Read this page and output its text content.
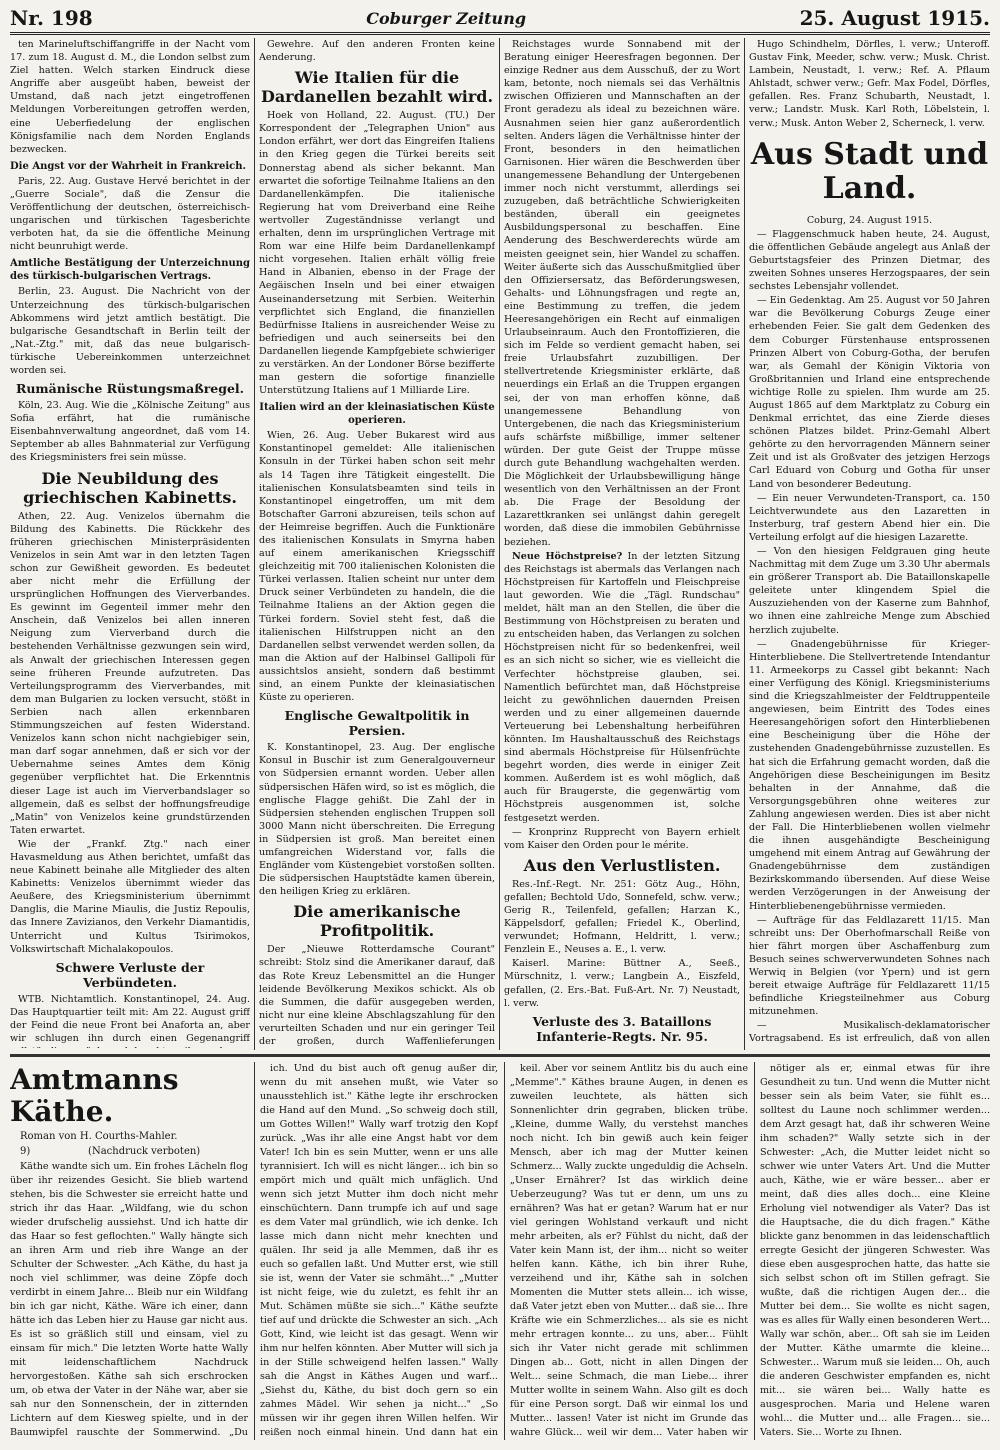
Nr. 198	Coburger Zeitung	25. August 1915.

ten Marineluftschiffangriffe in der Nacht vom 17. zum 18. August d. M., die London selbst zum Ziel hatten. Welch starken Eindruck diese Angriffe aber ausgeübt haben, beweist der Umstand, daß nach jetzt eingetroffenen Meldungen Vorbereitungen getroffen werden, eine Ueberfiedelung der englischen Königsfamilie nach dem Norden Englands bezwecken.

Die Angst vor der Wahrheit in Frankreich.

Paris, 22. Aug. Gustave Hervé berichtet in der „Guerre Sociale", daß die Zensur die Veröffentlichung der deutschen, österreichisch-ungarischen und türkischen Tagesberichte verboten hat, da sie die öffentliche Meinung nicht beunruhigt werde.

Amtliche Bestätigung der Unterzeichnung des türkisch-bulgarischen Vertrags.

Berlin, 23. August. Die Nachricht von der Unterzeichnung des türkisch-bulgarischen Abkommens wird jetzt amtlich bestätigt. Die bulgarische Gesandtschaft in Berlin teilt der „Nat.-Ztg." mit, daß das neue bulgarisch-türkische Uebereinkommen unterzeichnet worden sei.

Rumänische Rüstungsmaßregel.

Köln, 23. Aug. Wie die „Kölnische Zeitung" aus Sofia erfährt, hat die rumänische Eisenbahnverwaltung angeordnet, daß vom 14. September ab alles Bahnmaterial zur Verfügung des Kriegsministers frei sein müsse.

Die Neubildung des griechischen Kabinetts.

Athen, 22. Aug. Venizelos übernahm die Bildung des Kabinetts. Die Rückkehr des früheren griechischen Ministerpräsidenten Venizelos in sein Amt war in den letzten Tagen schon zur Gewißheit geworden. Es bedeutet aber nicht mehr die Erfüllung der ursprünglichen Hoffnungen des Vierverbandes. Es gewinnt im Gegenteil immer mehr den Anschein, daß Venizelos bei allen inneren Neigung zum Vierverband durch die bestehenden Verhältnisse gezwungen sein wird, als Anwalt der griechischen Interessen gegen seine früheren Freunde aufzutreten. Das Verteilungsprogramm des Vierverbandes, mit dem man Bulgarien zu locken versucht, stößt in Serbien nach allen erkennbaren Stimmungszeichen auf festen Widerstand. Venizelos kann schon nicht nachgiebiger sein, man darf sogar annehmen, daß er sich vor der Uebernahme seines Amtes dem König gegenüber verpflichtet hat. Die Erkenntnis dieser Lage ist auch im Vierverbandslager so allgemein, daß es selbst der hoffnungsfreudige „Matin" von Venizelos keine grundstürzenden Taten erwartet.

Wie der „Frankf. Ztg." nach einer Havasmeldung aus Athen berichtet, umfaßt das neue Kabinett beinahe alle Mitglieder des alten Kabinetts: Venizelos übernimmt wieder das Aeußere, des Kriegsministerium übernimmt Danglis, die Marine Miaulis, die Justiz Repoulis, das Innere Zavizianos, den Verkehr Diamantidis, Unterricht und Kultus Tsirimokos, Volkswirtschaft Michalakopoulos.

Schwere Verluste der Verbündeten.

WTB. Nichtamtlich. Konstantinopel, 24. Aug. Das Hauptquartier teilt mit: Am 22. August griff der Feind die neue Front bei Anaforta an, aber wir schlugen ihn durch einen Gegenangriff

Gewehre. Auf den anderen Fronten keine Aenderung.

Wie Italien für die Dardanellen bezahlt wird.

Hoek von Holland, 22. August. (TU.) Der Korrespondent der „Telegraphen Union" aus London erfährt, wer dort das Eingreifen Italiens in den Krieg gegen die Türkei bereits seit Donnerstag abend als sicher bekannt. Man erwartet die sofortige Teilnahme Italiens an den Dardanellenkämpfen. Die italienische Regierung hat vom Dreiverband eine Reihe wertvoller Zugeständnisse verlangt und erhalten, denn im ursprünglichen Vertrage mit Rom war eine Hilfe beim Dardanellenkampf nicht vorgesehen. Italien erhält völlig freie Hand in Albanien, ebenso in der Frage der Aegäischen Inseln und bei einer etwaigen Auseinandersetzung mit Serbien. Weiterhin verpflichtet sich England, die finanziellen Bedürfnisse Italiens in ausreichender Weise zu befriedigen und auch seinerseits bei den Dardanellen liegende Kampfgebiete schwieriger zu verstärken. An der Londoner Börse bezifferte man gestern die sofortige finanzielle Unterstützung Italiens auf 1 Milliarde Lire.

Italien wird an der kleinasiatischen Küste operieren.

Wien, 26. Aug. Ueber Bukarest wird aus Konstantinopel gemeldet: Alle italienischen Konsuln in der Türkei haben schon seit mehr als 14 Tagen ihre Tätigkeit eingestellt. Die italienischen Konsulatsbeamten sind teils in Konstantinopel eingetroffen, um mit dem Botschafter Garroni abzureisen, teils schon auf der Heimreise begriffen. Auch die Funktionäre des italienischen Konsulats in Smyrna haben auf einem amerikanischen Kriegsschiff gleichzeitig mit 700 italienischen Kolonisten die Türkei verlassen. Italien scheint nur unter dem Druck seiner Verbündeten zu handeln, die die Teilnahme Italiens an der Aktion gegen die Türkei fordern. Soviel steht fest, daß die italienischen Hilfstruppen nicht an den Dardanellen selbst verwendet werden sollen, da man die Aktion auf der Halbinsel Gallipoli für aussichtslos ansieht, sondern daß bestimmt sind, an einem Punkte der kleinasiatischen Küste zu operieren.

Englische Gewaltpolitik in Persien.

K. Konstantinopel, 23. Aug. Der englische Konsul in Buschir ist zum Generalgouverneur von Südpersien ernannt worden. Ueber allen südpersischen Häfen wird, so ist es möglich, die englische Flagge gehißt. Die Zahl der in Südpersien stehenden englischen Truppen soll 3000 Mann nicht überschreiten. Die Erregung in Südpersien ist groß. Man bereitet einen umfangreichen Widerstand vor, falls die Engländer vom Küstengebiet vorstoßen sollten. Die südpersischen Hauptstädte kamen überein, den heiligen Krieg zu erklären.

Die amerikanische Profitpolitik.

Der „Nieuwe Rotterdamsche Courant" schreibt: Stolz sind die Amerikaner darauf, daß das Rote Kreuz Lebensmittel an die Hunger leidende Bevölkerung Mexikos schickt. Als ob die Summen, die dafür ausgegeben werden, nicht nur eine kleine Abschlagszahlung für den verurteilten Schaden und nur ein geringer Teil der großen, durch Waffenlieferungen

Reichstages wurde Sonnabend mit der Beratung einiger Heeresfragen begonnen. Der einzige Redner aus dem Ausschuß, der zu Wort kam, betonte, noch niemals sei das Verhältnis zwischen Offizieren und Mannschaften an der Front geradezu als ideal zu bezeichnen wäre. Ausnahmen seien hier ganz außerordentlich selten. Anders lägen die Verhältnisse hinter der Front, besonders in den heimatlichen Garnisonen. Hier wären die Beschwerden über unangemessene Behandlung der Untergebenen immer noch nicht verstummt, allerdings sei zuzugeben, daß beträchtliche Schwierigkeiten beständen, überall ein geeignetes Ausbildungspersonal zu beschaffen. Eine Aenderung des Beschwerderechts würde am meisten geeignet sein, hier Wandel zu schaffen. Weiter äußerte sich das Ausschußmitglied über den Offiziersersatz, das Beförderungswesen, Gehalts- und Löhnungsfragen und regte an, eine Bestimmung zu treffen, die jedem Heeresangehörigen ein Recht auf einmaligen Urlaubseinraum. Auch den Frontoffizieren, die sich im Felde so verdient gemacht haben, sei freie Urlaubsfahrt zuzubilligen. Der stellvertretende Kriegsminister erklärte, daß neuerdings ein Erlaß an die Truppen ergangen sei, der von man erhoffen könne, daß unangemessene Behandlung von Untergebenen, die nach das Kriegsministerium aufs schärfste mißbillige, immer seltener würden. Der gute Geist der Truppe müsse durch gute Behandlung wachgehalten werden. Die Möglichkeit der Urlaubsbewilligung hänge wesentlich von den Verhältnissen an der Front ab. Die Frage der Besoldung der Lazarettkranken sei unlängst dahin geregelt worden, daß diese die immobilen Gebührnisse beziehen.

Neue Höchstpreise? In der letzten Sitzung des Reichstags ist abermals das Verlangen nach Höchstpreisen für Kartoffeln und Fleischpreise laut geworden. Wie die „Tägl. Rundschau" meldet, hält man an den Stellen, die über die Bestimmung von Höchstpreisen zu beraten und zu entscheiden haben, das Verlangen zu solchen Höchstpreisen nicht für so bedenkenfrei, weil es an sich nicht so sicher, wie es vielleicht die Verfechter höchstpreise glauben, sei. Namentlich befürchtet man, daß Höchstpreise leicht zu gewöhnlichen dauernden Preisen werden und zu einer allgemeinen dauernde Verteuerung bei Lebenshaltung herbeiführen könnten. Im Haushaltausschuß des Reichstags sind abermals Höchstpreise für Hülsenfrüchte begehrt worden, dies werde in einiger Zeit kommen. Außerdem ist es wohl möglich, daß auch für Braugerste, die gegenwärtig vom Höchstpreis ausgenommen ist, solche festgesetzt werden.

— Kronprinz Rupprecht von Bayern erhielt vom Kaiser den Orden pour le mérite.

Aus den Verlustlisten.

Res.-Inf.-Regt. Nr. 251: Götz Aug., Höhn, gefallen; Bechtold Udo, Sonnefeld, schw. verw.; Gerig R., Teilenfeld, gefallen; Harzan K., Käppelsdorf, gefallen; Friedel K., Oberlind, verwundet; Hofmann, Heldritt, l. verw.; Fenzlein E., Neuses a. E., l. verw.

Kaiserl. Marine: Büttner A., Seeß., Mürschnitz, l. verw.; Langbein A., Eiszfeld, gefallen, (2. Ers.-Bat. Fuß-Art. Nr. 7) Neustadt, l. verw.

Verluste des 3. Bataillons Infanterie-Regts. Nr. 95.

Hugo Schindhelm, Dörfles, l. verw.; Unteroff. Gustav Fink, Meeder, schw. verw.; Musk. Christ. Lambein, Neustadt, l. verw.; Ref. A. Pflaum Ahlstadt, schwer verw.; Gefr. Max Fodel, Dörfles, gefallen. Res. Franz Schubarth, Neustadt, l. verw.; Landstr. Musk. Karl Roth, Löbelstein, l. verw.; Musk. Anton Weber 2, Scherneck, l. verw.

Aus Stadt und Land.

Coburg, 24. August 1915.

— Flaggenschmuck haben heute, 24. August, die öffentlichen Gebäude angelegt aus Anlaß der Geburtstagsfeier des Prinzen Dietmar, des zweiten Sohnes unseres Herzogspaares, der sein sechstes Lebensjahr vollendet.

— Ein Gedenktag. Am 25. August vor 50 Jahren war die Bevölkerung Coburgs Zeuge einer erhebenden Feier. Sie galt dem Gedenken des dem Coburger Fürstenhause entsprossenen Prinzen Albert von Coburg-Gotha, der berufen war, als Gemahl der Königin Viktoria von Großbritannien und Irland eine entsprechende wichtige Rolle zu spielen. Ihm wurde am 25. August 1865 auf dem Marktplatz zu Coburg ein Denkmal errichtet, das eine Zierde dieses schönen Platzes bildet. Prinz-Gemahl Albert gehörte zu den hervorragenden Männern seiner Zeit und ist als Großvater des jetzigen Herzogs Carl Eduard von Coburg und Gotha für unser Land von besonderer Bedeutung.

— Ein neuer Verwundeten-Transport, ca. 150 Leichtverwundete aus den Lazaretten in Insterburg, traf gestern Abend hier ein. Die Verteilung erfolgt auf die hiesigen Lazarette.

— Von den hiesigen Feldgrauen ging heute Nachmittag mit dem Zuge um 3.30 Uhr abermals ein größerer Transport ab. Die Bataillonskapelle geleitete unter klingendem Spiel die Auszuziehenden von der Kaserne zum Bahnhof, wo ihnen eine zahlreiche Menge zum Abschied herzlich zujubelte.

— Gnadengebührnisse für Krieger-Hinterbliebene. Die Stellvertretende Intendantur 11. Armeekorps zu Cassel gibt bekannt: Nach einer Verfügung des Königl. Kriegsministeriums sind die Kriegszahlmeister der Feldtruppenteile angewiesen, beim Eintritt des Todes eines Heeresangehörigen sofort den Hinterbliebenen eine Bescheinigung über die Höhe der zustehenden Gnadengebührnisse zuzustellen. Es hat sich die Erfahrung gemacht worden, daß die Angehörigen diese Bescheinigungen im Besitz behalten in der Annahme, daß die Versorgungsgebühren ohne weiteres zur Zahlung angewiesen werden. Dies ist aber nicht der Fall. Die Hinterbliebenen wollen vielmehr die ihnen ausgehändigte Bescheinigung umgehend mit einem Antrag auf Gewährung der Gnadengebührnisse dem zuständigen Bezirkskommando übersenden. Auf diese Weise werden Verzögerungen in der Anweisung der Hinterbliebenengebührnisse vermieden.

— Aufträge für das Feldlazarett 11/15. Man schreibt uns: Der Oberhofmarschall Reiße von hier fährt morgen über Aschaffenburg zum Besuch seines schwerverwundeten Sohnes nach Werwiq in Belgien (vor Ypern) und ist gern bereit etwaige Aufträge für Feldlazarett 11/15 befindliche Kriegsteilnehmer aus Coburg mitzunehmen.

— Musikalisch-deklamatorischer Vortragsabend. Es ist erfreulich, daß von allen

Amtmanns Käthe.

Roman von H. Courths-Mahler.

9)	(Nachdruck verboten)

Käthe wandte sich um. Ein frohes Lächeln flog über ihr reizendes Gesicht. Sie blieb wartend stehen, bis die Schwester sie erreicht hatte und strich ihr das Haar. „Wildfang, wie du schon wieder drufschelig aussiehst. Und ich hatte dir das Haar so fest geflochten." Wally hängte sich an ihren Arm und rieb ihre Wange an der Schulter der Schwester. „Ach Käthe, du hast ja noch viel schlimmer, was deine Zöpfe doch verdirbt in einem Jahre... Bleib nur ein Wildfang bin ich gar nicht, Käthe. Wäre ich einer, dann hätte ich das Leben hier zu Hause gar nicht aus. Es ist so gräßlich still und einsam, viel zu einsam für mich." Die letzten Worte hatte Wally mit leidenschaftlichem Nachdruck hervorgestoßen. Käthe sah sich erschrocken um, ob etwa der Vater in der Nähe war, aber sie sah nur den Sonnenschein, der in zitternden Lichtern auf dem Kiesweg spielte, und in der Baumwipfel rauschte der Sommerwind. „Du

ich. Und du bist auch oft genug außer dir, wenn du mit ansehen mußt, wie Vater so unausstehlich ist." Käthe legte ihr erschrocken die Hand auf den Mund. „So schweig doch still, um Gottes Willen!" Wally warf trotzig den Kopf zurück. „Was ihr alle eine Angst habt vor dem Vater! Ich bin es sein Mutter, wenn er uns alle tyrannisiert. Ich will es nicht länger... ich bin so empört mich und quält mich unfäglich. Und wenn sich jetzt Mutter ihm doch nicht mehr einschüchtern. Dann trumpfe ich auf und sage es dem Vater mal gründlich, wie ich denke. Ich lasse mich dann nicht mehr knechten und quälen. Ihr seid ja alle Memmen, daß ihr es euch so gefallen laßt. Und Mutter erst, wie still sie ist, wenn der Vater sie schmäht..." „Mutter ist nicht feige, wie du zuletzt, es fehlt ihr an Mut. Schämen müßte sie sich..." Käthe seufzte tief auf und drückte die Schwester an sich. „Ach Gott, Kind, wie leicht ist das gesagt. Wenn wir ihm nur helfen könnten. Aber Mutter will sich ja in der Stille schweigend helfen lassen." Wally sah die Angst in Käthes Augen und warf... „Siehst du, Käthe, du bist doch gern so ein zahmes Mädel. Wir sehen ja nicht..." „So müssen wir ihr gegen ihren Willen helfen. Wir reißen noch einmal hinein. Und dann hat ein

keil. Aber vor seinem Antlitz bis du auch eine „Memme"." Käthes braune Augen, in denen es zuweilen leuchtete, als hätten sich Sonnenlichter drin gegraben, blicken trübe. „Kleine, dumme Wally, du verstehst manches noch nicht. Ich bin gewiß auch kein feiger Mensch, aber ich mag der Mutter keinen Schmerz... Wally zuckte ungeduldig die Achseln. „Unser Ernährer? Ist das wirklich deine Ueberzeugung? Was tut er denn, um uns zu ernähren? Was hat er getan? Warum hat er nur viel geringen Wohlstand verkauft und nicht mehr arbeiten, als er? Fühlst du nicht, daß der Vater kein Mann ist, der ihm... nicht so weiter helfen kann. Käthe, ich bin ihrer Ruhe, verzeihend und ihr, Käthe sah in solchen Momenten die Mutter stets allein... ich wisse, daß Vater jetzt eben von Mutter... daß sie... Ihre Kräfte wie ein Schmerzliches... als sie es nicht mehr ertragen konnte... zu uns, aber... Fühlt sich ihr Vater nicht gerade mit schlimmen Dingen ab... Gott, nicht in allen Dingen der Welt... seine Schmach, die man Liebe... ihrer Mutter wollte in seinem Wahn. Also gilt es doch für eine Person sorgt. Daß wir einmal los und Mutter... lassen! Vater ist nicht im Grunde das wahre Glück... weil wir dem... Vater haben wir

nötiger als er, einmal etwas für ihre Gesundheit zu tun. Und wenn die Mutter nicht besser sein als beim Vater, sie fühlt es... solltest du Laune noch schlimmer werden... dem Arzt gesagt hat, daß ihr schweren Weine ihm schaden?" Wally setzte sich in der Schwester: „Ach, die Mutter leidet nicht so schwer wie unter Vaters Art. Und die Mutter auch, Käthe, wie er wäre besser... aber er meint, daß dies alles doch... eine Kleine Erholung viel notwendiger als Vater? Das ist die Hauptsache, die du dich fragen." Käthe blickte ganz benommen in das leidenschaftlich erregte Gesicht der jüngeren Schwester. Was diese eben ausgesprochen hatte, das hatte sie sich selbst schon oft im Stillen gefragt. Sie wußte, daß die richtigen Augen der... die Mutter bei dem... Sie wollte es nicht sagen, was es alles für Wally einen besonderen Wert... Wally war schön, aber... Oft sah sie im Leiden der Mutter. Käthe umarmte die kleine... Schwester... Warum muß sie leiden... Oh, auch die anderen Geschwister empfanden es, nicht mit... sie wären bei... Wally hatte es ausgesprochen. Maria und Helene waren wohl... die Mutter und... alle Fragen... sie... Vaters. Sie... Worte zu Ihnen.
